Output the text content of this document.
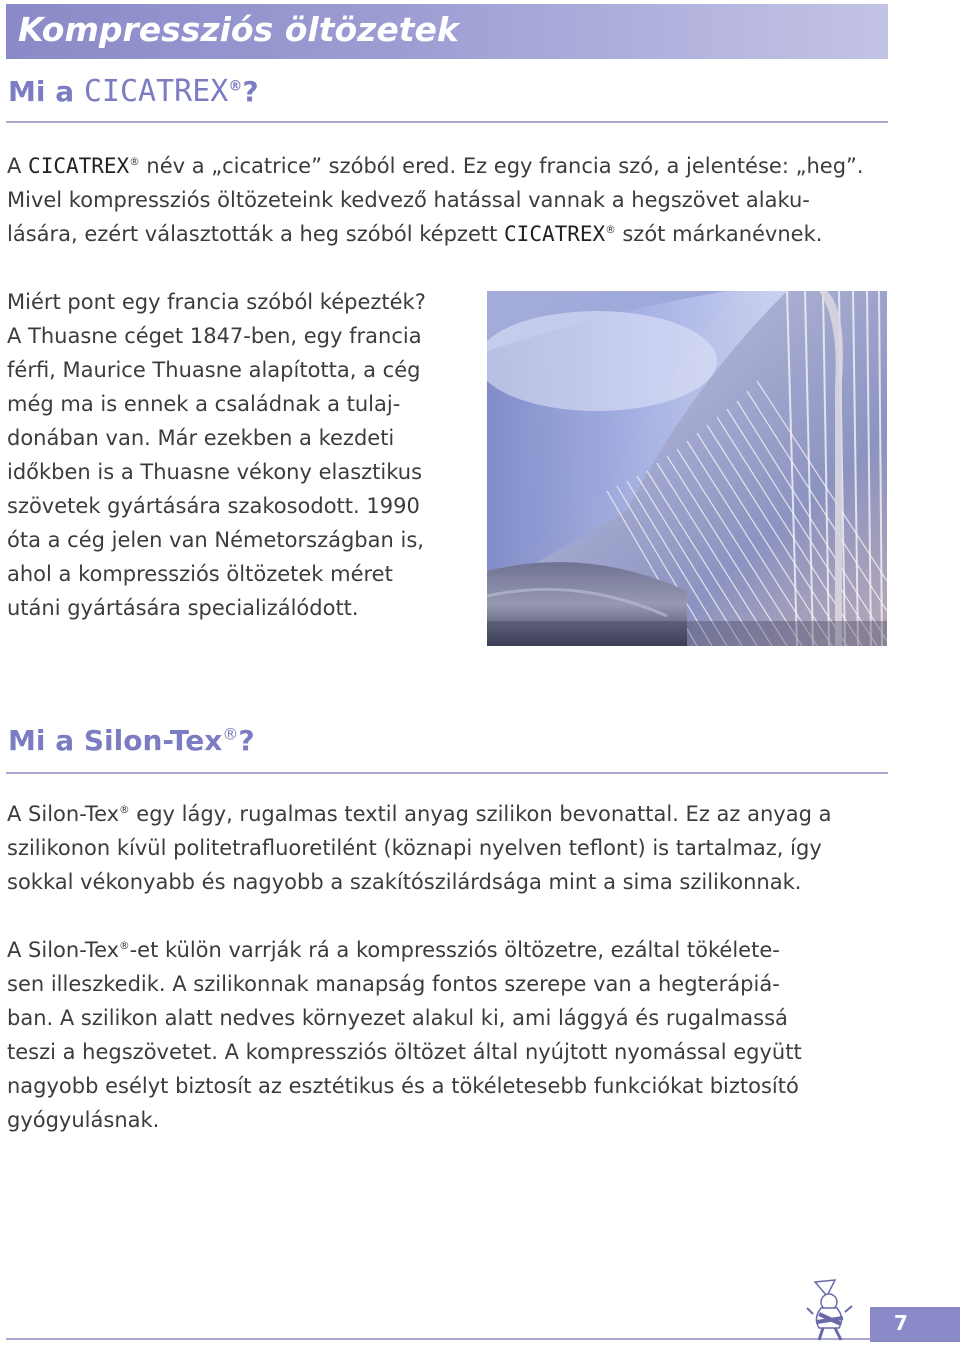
Kompressziós öltözetek
Mi a CICATREX®?
A CICATREX® név a „cicatrice” szóból ered. Ez egy francia szó, a jelentése: „heg”.
Mivel kompressziós öltözeteink kedvező hatással vannak a hegszövet alaku-
lására, ezért választották a heg szóból képzett CICATREX® szót márkanévnek.
Miért pont egy francia szóból képezték?
A Thuasne céget 1847-ben, egy francia
férfi, Maurice Thuasne alapította, a cég
még ma is ennek a családnak a tulaj-
donában van. Már ezekben a kezdeti
időkben is a Thuasne vékony elasztikus
szövetek gyártására szakosodott. 1990
óta a cég jelen van Németországban is,
ahol a kompressziós öltözetek méret
utáni gyártására specializálódott.
Mi a Silon-Tex®?
A Silon-Tex® egy lágy, rugalmas textil anyag szilikon bevonattal. Ez az anyag a
szilikonon kívül politetrafluoretilént (köznapi nyelven teflont) is tartalmaz, így
sokkal vékonyabb és nagyobb a szakítószilárdsága mint a sima szilikonnak.
A Silon-Tex®-et külön varrják rá a kompressziós öltözetre, ezáltal tökélete-
sen illeszkedik. A szilikonnak manapság fontos szerepe van a hegterápiá-
ban. A szilikon alatt nedves környezet alakul ki, ami lággyá és rugalmassá
teszi a hegszövetet. A kompressziós öltözet által nyújtott nyomással együtt
nagyobb esélyt biztosít az esztétikus és a tökéletesebb funkciókat biztosító
gyógyulásnak.
7
